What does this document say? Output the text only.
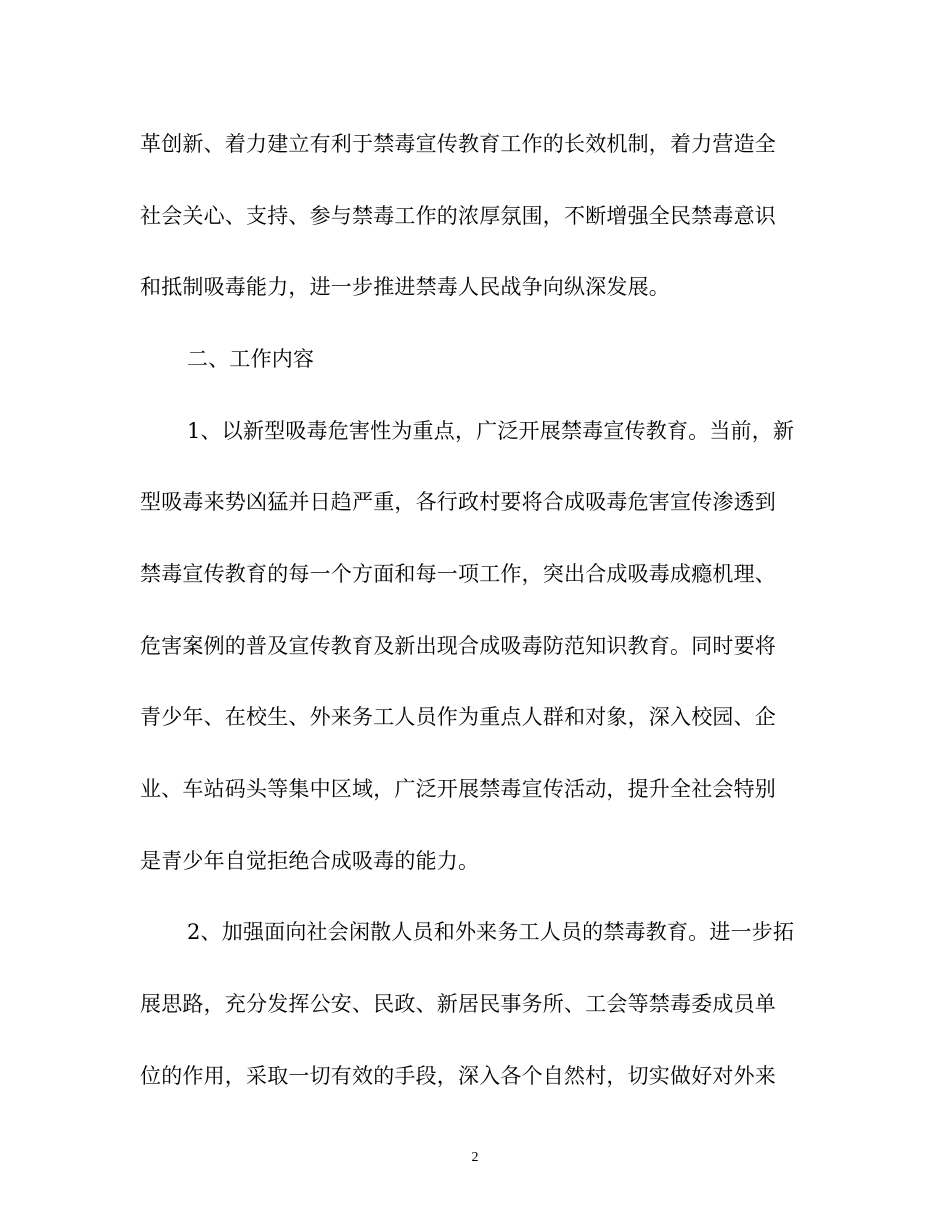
革创新、着力建立有利于禁毒宣传教育工作的长效机制，着力营造全
社会关心、支持、参与禁毒工作的浓厚氛围，不断增强全民禁毒意识
和抵制吸毒能力，进一步推进禁毒人民战争向纵深发展。
二、工作内容
1、以新型吸毒危害性为重点，广泛开展禁毒宣传教育。当前，新
型吸毒来势凶猛并日趋严重，各行政村要将合成吸毒危害宣传渗透到
禁毒宣传教育的每一个方面和每一项工作，突出合成吸毒成瘾机理、
危害案例的普及宣传教育及新出现合成吸毒防范知识教育。同时要将
青少年、在校生、外来务工人员作为重点人群和对象，深入校园、企
业、车站码头等集中区域，广泛开展禁毒宣传活动，提升全社会特别
是青少年自觉拒绝合成吸毒的能力。
2、加强面向社会闲散人员和外来务工人员的禁毒教育。进一步拓
展思路，充分发挥公安、民政、新居民事务所、工会等禁毒委成员单
位的作用，采取一切有效的手段，深入各个自然村，切实做好对外来
2
